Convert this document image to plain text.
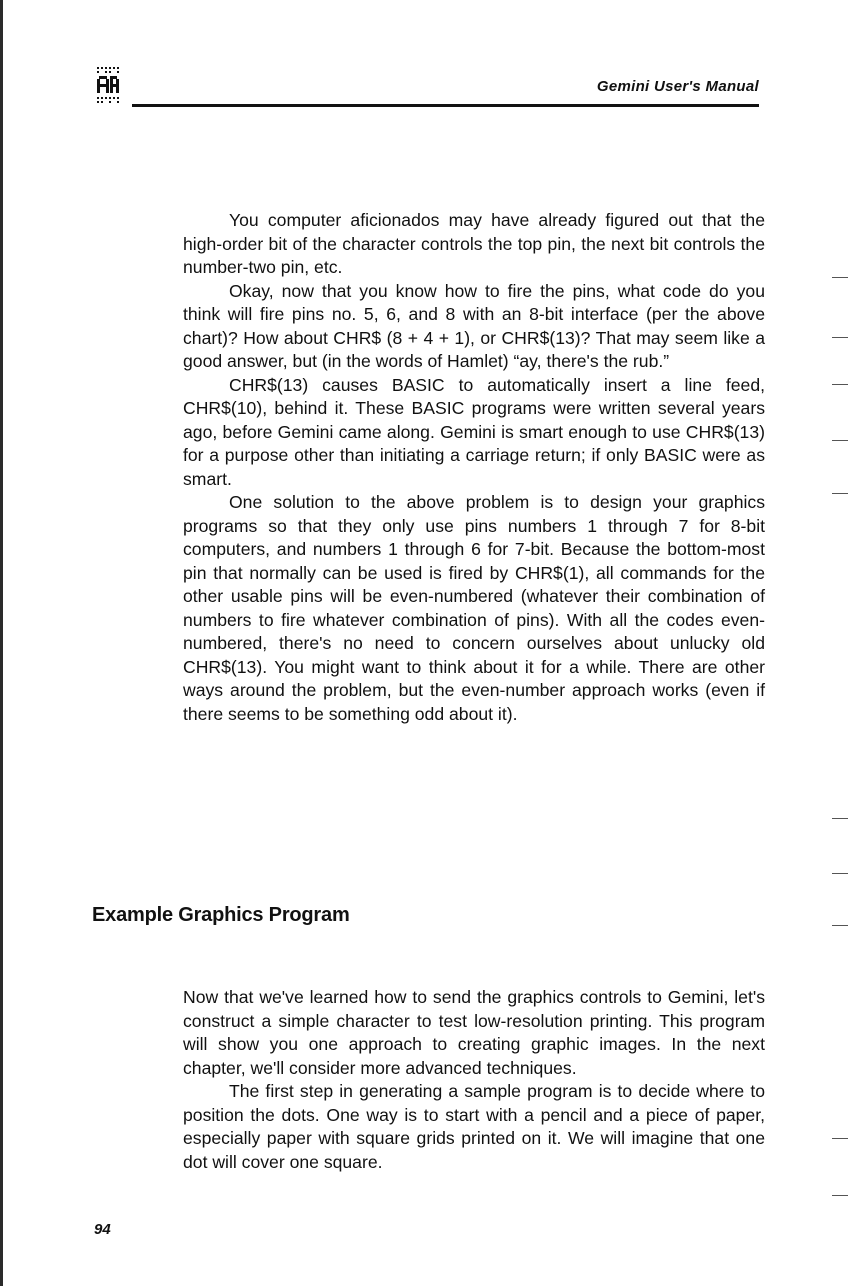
Gemini User's Manual

You computer aficionados may have already figured out that the high-order bit of the character controls the top pin, the next bit controls the number-two pin, etc.

Okay, now that you know how to fire the pins, what code do you think will fire pins no. 5, 6, and 8 with an 8-bit interface (per the above chart)? How about CHR$ (8 + 4 + 1), or CHR$(13)? That may seem like a good answer, but (in the words of Hamlet) “ay, there's the rub.”

CHR$(13) causes BASIC to automatically insert a line feed, CHR$(10), behind it. These BASIC programs were written several years ago, before Gemini came along. Gemini is smart enough to use CHR$(13) for a purpose other than initiating a carriage return; if only BASIC were as smart.

One solution to the above problem is to design your graphics programs so that they only use pins numbers 1 through 7 for 8-bit computers, and numbers 1 through 6 for 7-bit. Because the bottom-most pin that normally can be used is fired by CHR$(1), all commands for the other usable pins will be even-numbered (whatever their combination of numbers to fire whatever combination of pins). With all the codes even-numbered, there's no need to concern ourselves about unlucky old CHR$(13). You might want to think about it for a while. There are other ways around the problem, but the even-number approach works (even if there seems to be something odd about it).

Example Graphics Program

Now that we've learned how to send the graphics controls to Gemini, let's construct a simple character to test low-resolution printing. This program will show you one approach to creating graphic images. In the next chapter, we'll consider more advanced techniques.

The first step in generating a sample program is to decide where to position the dots. One way is to start with a pencil and a piece of paper, especially paper with square grids printed on it. We will imagine that one dot will cover one square.

94
